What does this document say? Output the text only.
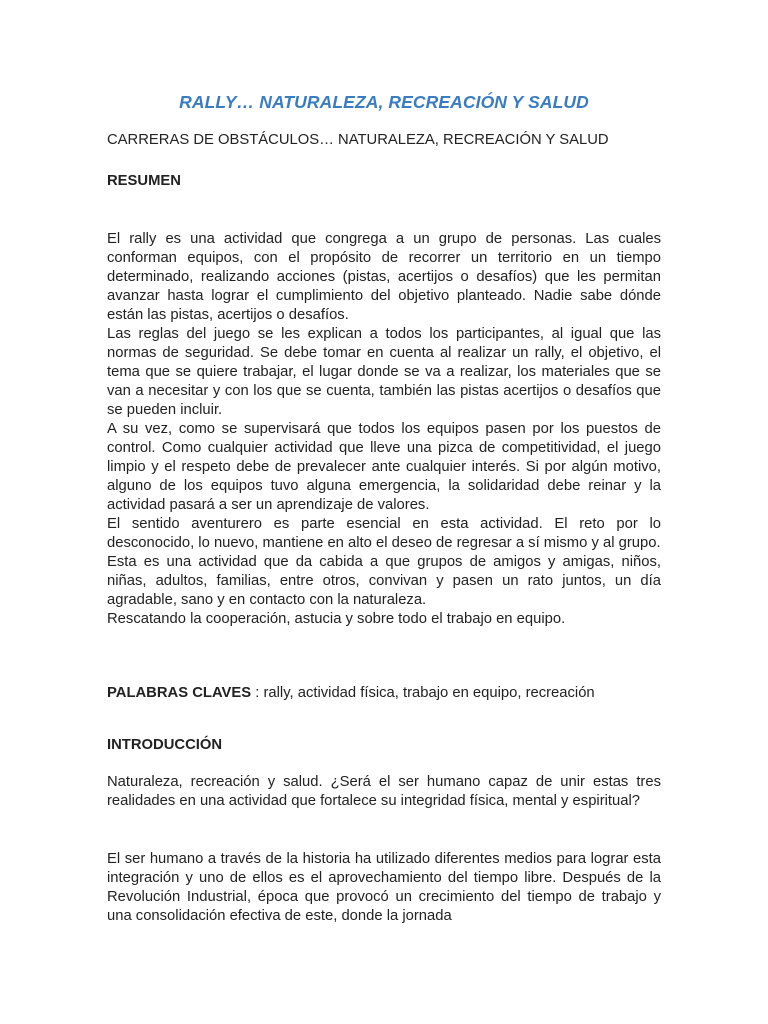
RALLY… NATURALEZA, RECREACIÓN Y SALUD
CARRERAS DE OBSTÁCULOS… NATURALEZA, RECREACIÓN Y SALUD
RESUMEN

El rally es una actividad que congrega a un grupo de personas. Las cuales conforman equipos, con el propósito de recorrer un territorio en un tiempo determinado, realizando acciones (pistas, acertijos o desafíos) que les permitan avanzar hasta lograr el cumplimiento del objetivo planteado. Nadie sabe dónde están las pistas, acertijos o desafíos.

Las reglas del juego se les explican a todos los participantes, al igual que las normas de seguridad. Se debe tomar en cuenta al realizar un rally, el objetivo, el tema que se quiere trabajar, el lugar donde se va a realizar, los materiales que se van a necesitar y con los que se cuenta, también las pistas acertijos o desafíos que se pueden incluir.

A su vez, como se supervisará que todos los equipos pasen por los puestos de control. Como cualquier actividad que lleve una pizca de competitividad, el juego limpio y el respeto debe de prevalecer ante cualquier interés. Si por algún motivo, alguno de los equipos tuvo alguna emergencia, la solidaridad debe reinar y la actividad pasará a ser un aprendizaje de valores.

El sentido aventurero es parte esencial en esta actividad. El reto por lo desconocido, lo nuevo, mantiene en alto el deseo de regresar a sí mismo y al grupo.

Esta es una actividad que da cabida a que grupos de amigos y amigas, niños, niñas, adultos, familias, entre otros, convivan y pasen un rato juntos, un día agradable, sano y en contacto con la naturaleza.

Rescatando la cooperación, astucia y sobre todo el trabajo en equipo.

PALABRAS CLAVES : rally, actividad física, trabajo en equipo, recreación
INTRODUCCIÓN
Naturaleza, recreación y salud. ¿Será el ser humano capaz de unir estas tres realidades en una actividad que fortalece su integridad física, mental y espiritual?
El ser humano a través de la historia ha utilizado diferentes medios para lograr esta integración y uno de ellos es el aprovechamiento del tiempo libre. Después de la Revolución Industrial, época que provocó un crecimiento del tiempo de trabajo y una consolidación efectiva de este, donde la jornada
